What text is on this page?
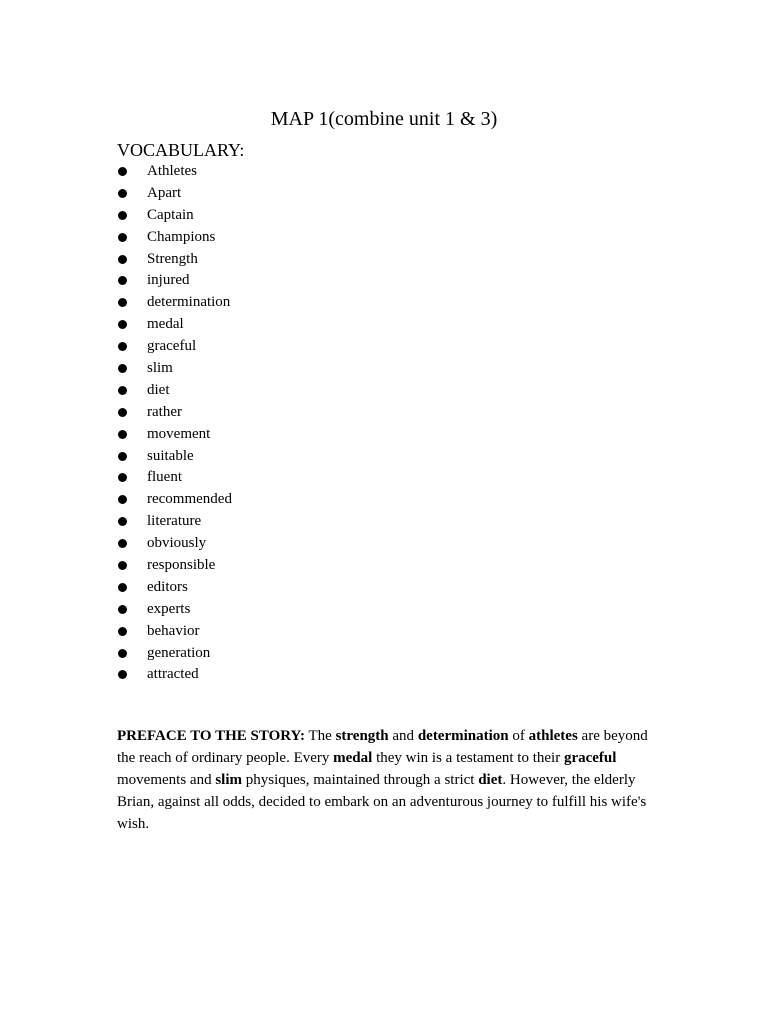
MAP 1(combine unit 1 & 3)
VOCABULARY:
Athletes
Apart
Captain
Champions
Strength
injured
determination
medal
graceful
slim
diet
rather
movement
suitable
fluent
recommended
literature
obviously
responsible
editors
experts
behavior
generation
attracted

PREFACE TO THE STORY: The strength and determination of athletes are beyond the reach of ordinary people. Every medal they win is a testament to their graceful movements and slim physiques, maintained through a strict diet. However, the elderly Brian, against all odds, decided to embark on an adventurous journey to fulfill his wife's wish.
